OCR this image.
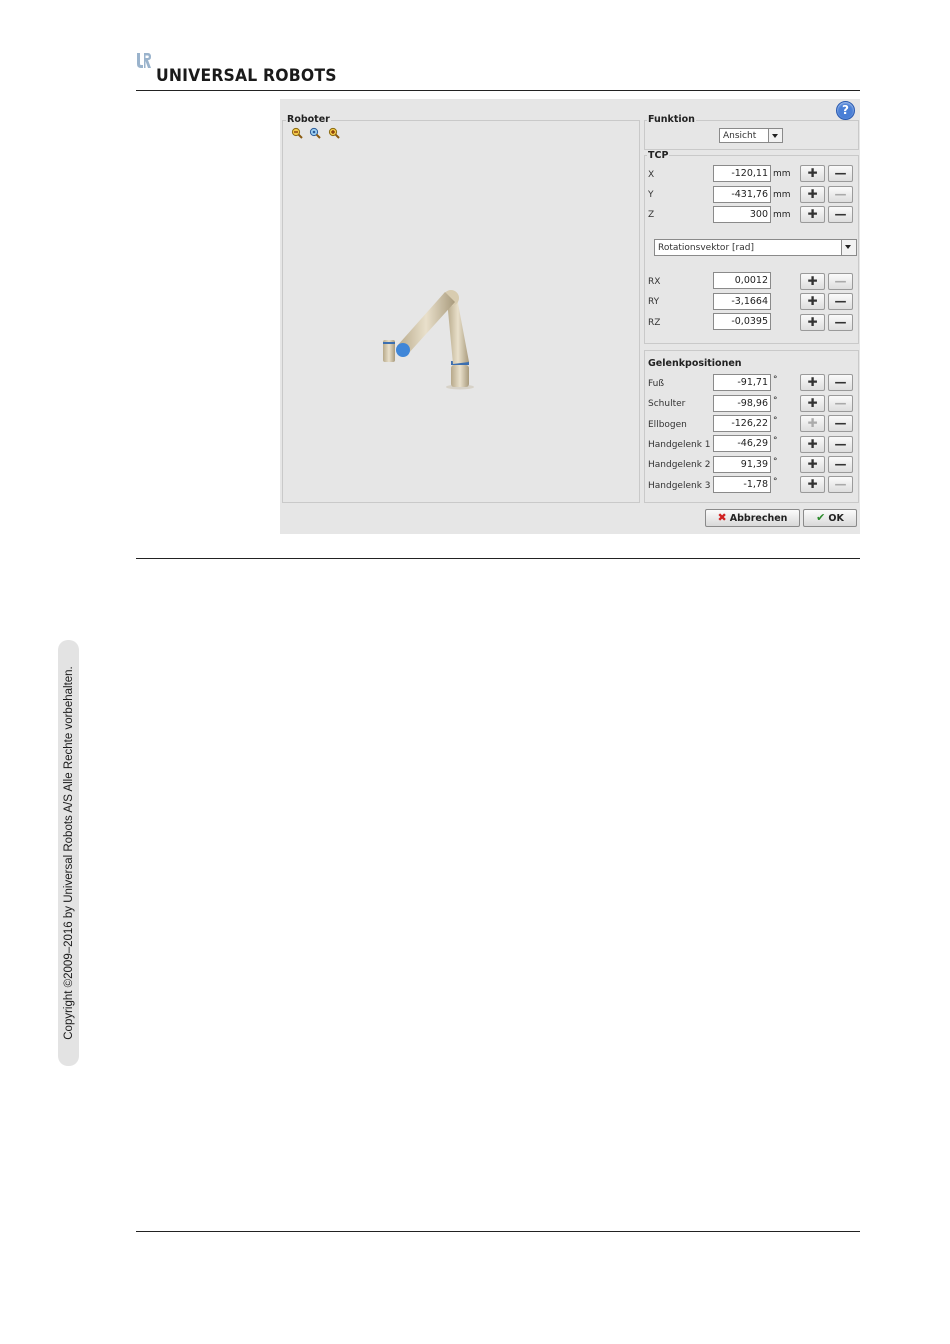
UNIVERSAL ROBOTS
?
Roboter	Funktion
Ansicht
TCP
X	-120,11 mm	✚	—
Y	-431,76 mm	✚	—
Z	300 mm	✚	—
Rotationsvektor [rad]
RX	0,0012	✚	—
RY	-3,1664	✚	—
RZ	-0,0395	✚	—
Gelenkpositionen
Fuß	-91,71 °	✚	—
Schulter	-98,96 °	✚	—
Ellbogen	-126,22 °	✚	—
Handgelenk 1	-46,29 °	✚	—
Handgelenk 2	91,39 °	✚	—
Handgelenk 3	-1,78 °	✚	—
✖ Abbrechen	✔ OK
Copyright ©2009–2016 by Universal Robots A/S Alle Rechte vorbehalten.
